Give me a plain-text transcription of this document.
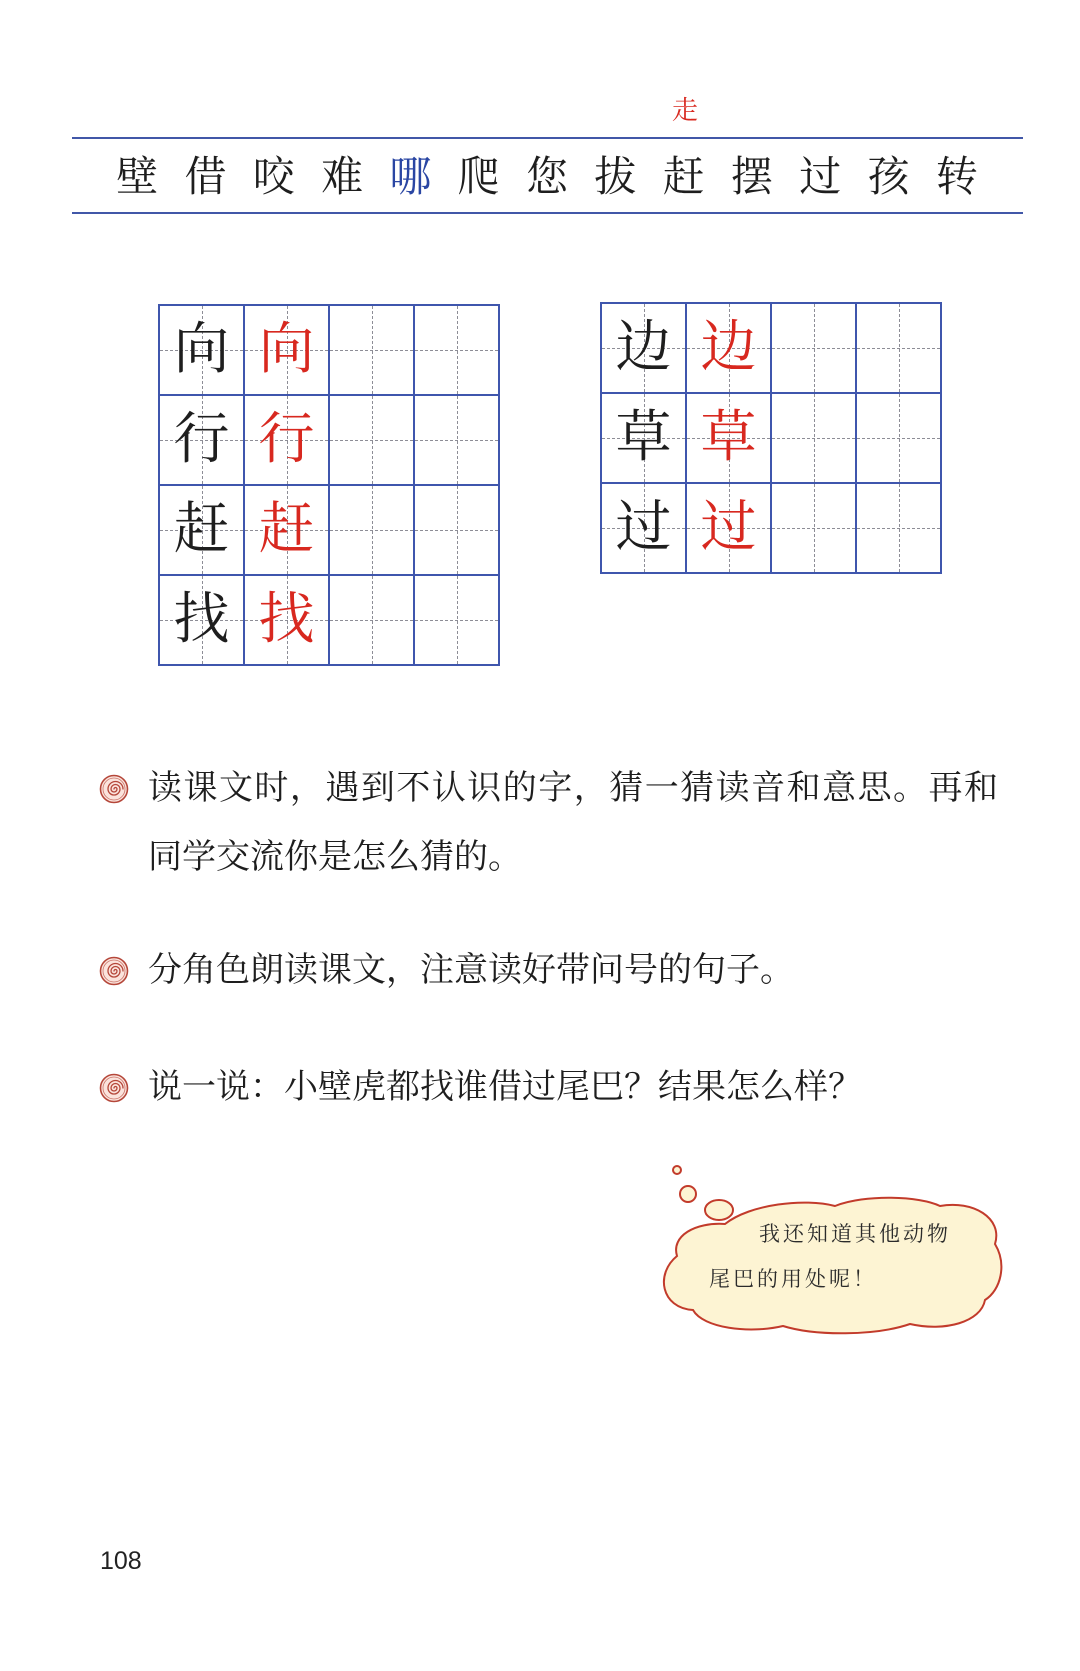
走
壁 借 咬 难 哪 爬 您 拔 赶 摆 过 孩 转
向 向
行 行
赶 赶
找 找
边 边
草 草
过 过
读课文时，遇到不认识的字，猜一猜读音和意思。再和
同学交流你是怎么猜的。
分角色朗读课文，注意读好带问号的句子。
说一说：小壁虎都找谁借过尾巴？结果怎么样？
我还知道其他动物
尾巴的用处呢！
108
